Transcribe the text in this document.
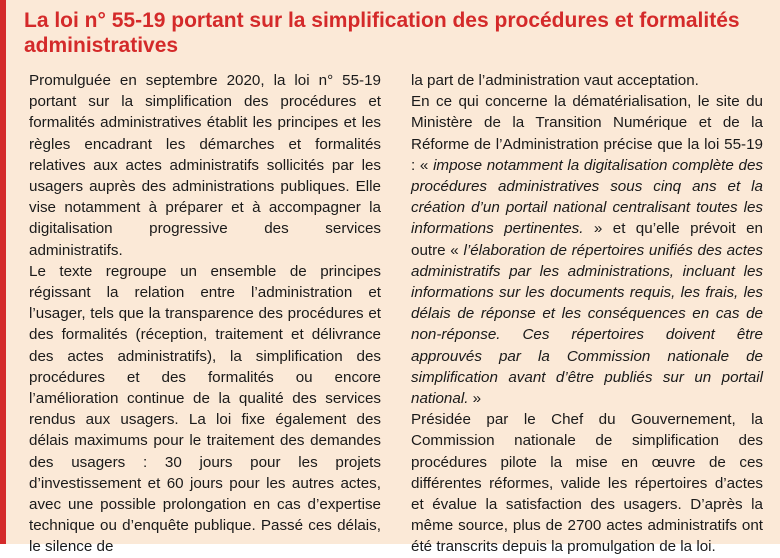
La loi n° 55-19 portant sur la simplification des procédures et formalités administratives

Promulguée en septembre 2020, la loi n° 55-19 portant sur la simplification des procédures et formalités administratives établit les principes et les règles encadrant les démarches et formalités relatives aux actes administratifs sollicités par les usagers auprès des administrations publiques. Elle vise notamment à préparer et à accompagner la digitalisation progressive des services administratifs.

Le texte regroupe un ensemble de principes régissant la relation entre l’administration et l’usager, tels que la transparence des procédures et des formalités (réception, traitement et délivrance des actes administratifs), la simplification des procédures et des formalités ou encore l’amélioration continue de la qualité des services rendus aux usagers. La loi fixe également des délais maximums pour le traitement des demandes des usagers : 30 jours pour les projets d’investissement et 60 jours pour les autres actes, avec une possible prolongation en cas d’expertise technique ou d’enquête publique. Passé ces délais, le silence de

la part de l’administration vaut acceptation.

En ce qui concerne la dématérialisation, le site du Ministère de la Transition Numérique et de la Réforme de l’Administration précise que la loi 55-19 : « impose notamment la digitalisation complète des procédures administratives sous cinq ans et la création d’un portail national centralisant toutes les informations pertinentes. » et qu’elle prévoit en outre « l’élaboration de répertoires unifiés des actes administratifs par les administrations, incluant les informations sur les documents requis, les frais, les délais de réponse et les conséquences en cas de non-réponse. Ces répertoires doivent être approuvés par la Commission nationale de simplification avant d’être publiés sur un portail national. »

Présidée par le Chef du Gouvernement, la Commission nationale de simplification des procédures pilote la mise en œuvre de ces différentes réformes, valide les répertoires d’actes et évalue la satisfaction des usagers. D’après la même source, plus de 2700 actes administratifs ont été transcrits depuis la promulgation de la loi.
